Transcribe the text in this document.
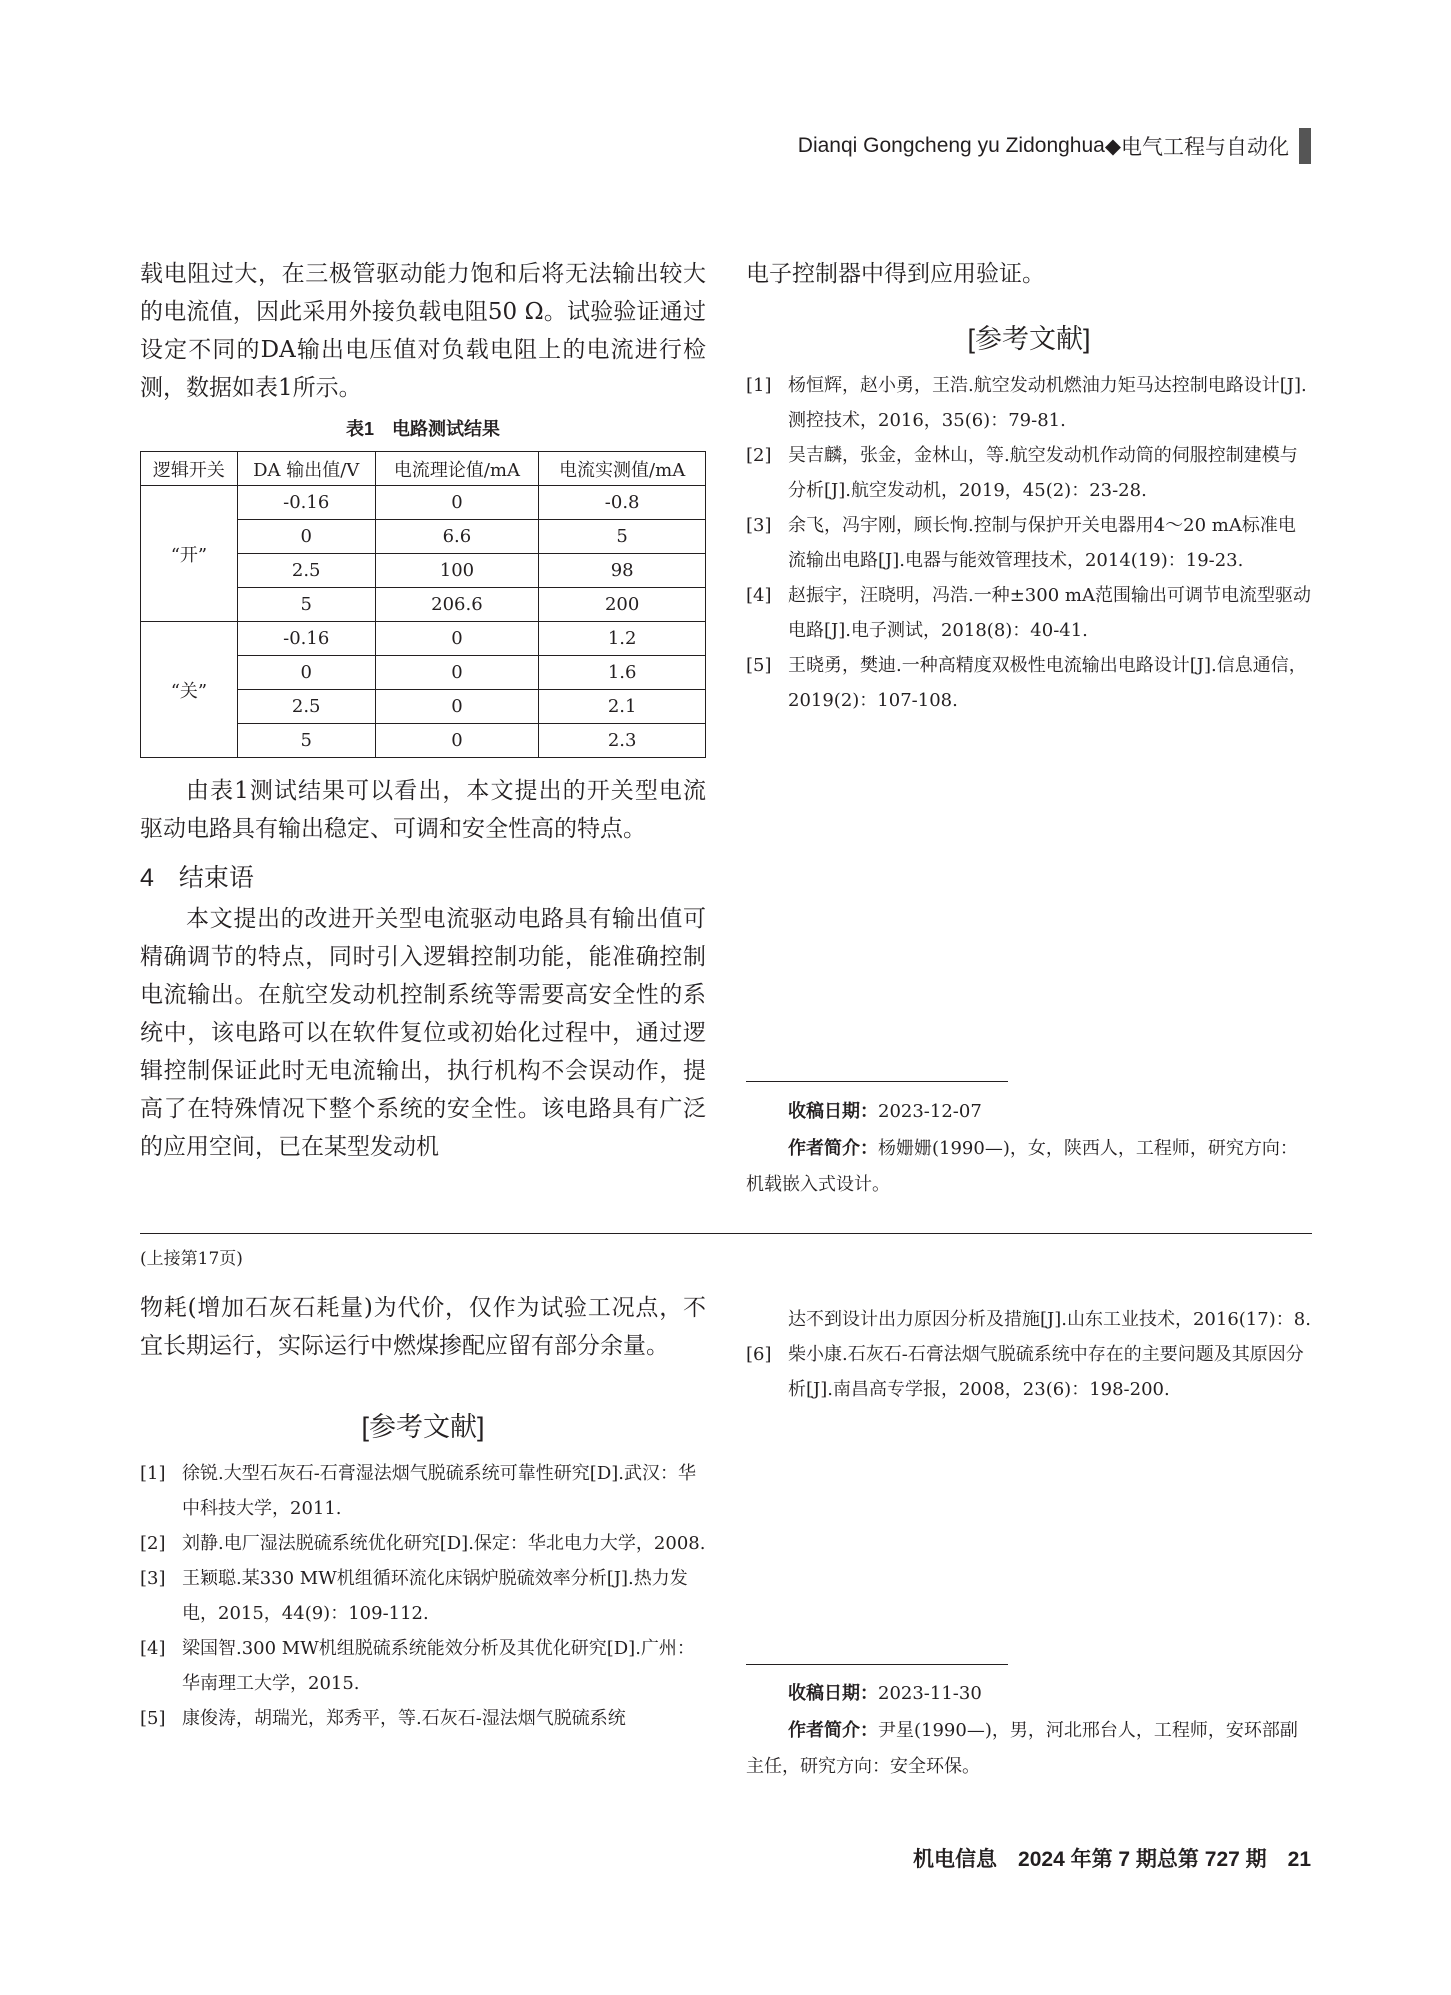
Dianqi Gongcheng yu Zidonghua ◆ 电气工程与自动化

载电阻过大，在三极管驱动能力饱和后将无法输出较大的电流值，因此采用外接负载电阻50 Ω。试验验证通过设定不同的DA输出电压值对负载电阻上的电流进行检测，数据如表1所示。

表1　电路测试结果
逻辑开关	DA 输出值/V	电流理论值/mA	电流实测值/mA
“开”	-0.16	0	-0.8
	0	6.6	5
	2.5	100	98
	5	206.6	200
“关”	-0.16	0	1.2
	0	0	1.6
	2.5	0	2.1
	5	0	2.3

由表1测试结果可以看出，本文提出的开关型电流驱动电路具有输出稳定、可调和安全性高的特点。

4　结束语

本文提出的改进开关型电流驱动电路具有输出值可精确调节的特点，同时引入逻辑控制功能，能准确控制电流输出。在航空发动机控制系统等需要高安全性的系统中，该电路可以在软件复位或初始化过程中，通过逻辑控制保证此时无电流输出，执行机构不会误动作，提高了在特殊情况下整个系统的安全性。该电路具有广泛的应用空间，已在某型发动机

电子控制器中得到应用验证。

[参考文献]

[1] 杨恒辉，赵小勇，王浩.航空发动机燃油力矩马达控制电路设计[J].测控技术，2016，35(6)：79-81.

[2] 吴吉麟，张金，金林山，等.航空发动机作动筒的伺服控制建模与分析[J].航空发动机，2019，45(2)：23-28.

[3] 余飞，冯宇刚，顾长恂.控制与保护开关电器用4～20 mA标准电流输出电路[J].电器与能效管理技术，2014(19)：19-23.

[4] 赵振宇，汪晓明，冯浩.一种±300 mA范围输出可调节电流型驱动电路[J].电子测试，2018(8)：40-41.

[5] 王晓勇，樊迪.一种高精度双极性电流输出电路设计[J].信息通信，2019(2)：107-108.

收稿日期：2023-12-07

作者简介：杨姗姗(1990—)，女，陕西人，工程师，研究方向：机载嵌入式设计。

(上接第17页)

物耗(增加石灰石耗量)为代价，仅作为试验工况点，不宜长期运行，实际运行中燃煤掺配应留有部分余量。

[参考文献]

[1] 徐锐.大型石灰石-石膏湿法烟气脱硫系统可靠性研究[D].武汉：华中科技大学，2011.

[2] 刘静.电厂湿法脱硫系统优化研究[D].保定：华北电力大学，2008.

[3] 王颖聪.某330 MW机组循环流化床锅炉脱硫效率分析[J].热力发电，2015，44(9)：109-112.

[4] 梁国智.300 MW机组脱硫系统能效分析及其优化研究[D].广州：华南理工大学，2015.

[5] 康俊涛，胡瑞光，郑秀平，等.石灰石-湿法烟气脱硫系统

达不到设计出力原因分析及措施[J].山东工业技术，2016(17)：8.

[6] 柴小康.石灰石-石膏法烟气脱硫系统中存在的主要问题及其原因分析[J].南昌高专学报，2008，23(6)：198-200.

收稿日期：2023-11-30

作者简介：尹星(1990—)，男，河北邢台人，工程师，安环部副主任，研究方向：安全环保。

机电信息　2024 年第 7 期总第 727 期　21
